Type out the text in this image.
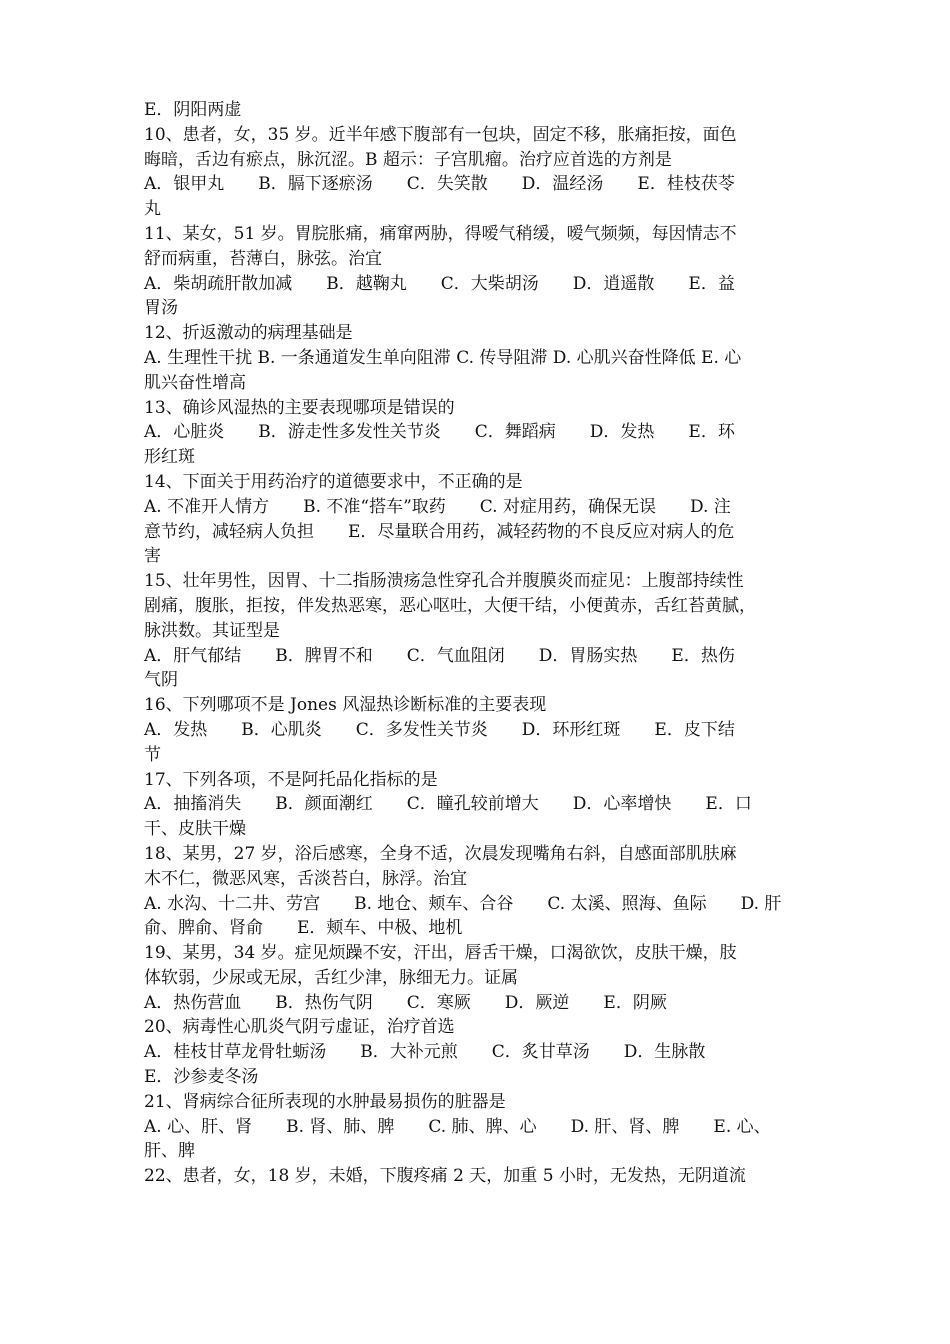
E．阴阳两虚
10、患者，女，35 岁。近半年感下腹部有一包块，固定不移，胀痛拒按，面色
晦暗，舌边有瘀点，脉沉涩。B 超示：子宫肌瘤。治疗应首选的方剂是
A．银甲丸　　B．膈下逐瘀汤　　C．失笑散　　D．温经汤　　E．桂枝茯苓
丸
11、某女，51 岁。胃脘胀痛，痛窜两胁，得嗳气稍缓，嗳气频频，每因情志不
舒而病重，苔薄白，脉弦。治宜
A．柴胡疏肝散加减　　B．越鞠丸　　C．大柴胡汤　　D．逍遥散　　E．益
胃汤
12、折返激动的病理基础是
A. 生理性干扰 B. 一条通道发生单向阻滞 C. 传导阻滞 D. 心肌兴奋性降低 E. 心
肌兴奋性增高
13、确诊风湿热的主要表现哪项是错误的
A．心脏炎　　B．游走性多发性关节炎　　C．舞蹈病　　D．发热　　E．环
形红斑
14、下面关于用药治疗的道德要求中，不正确的是
A. 不准开人情方　　B. 不准“搭车”取药　　C. 对症用药，确保无误　　D. 注
意节约，减轻病人负担　　E．尽量联合用药，减轻药物的不良反应对病人的危
害
15、壮年男性，因胃、十二指肠溃疡急性穿孔合并腹膜炎而症见：上腹部持续性
剧痛，腹胀，拒按，伴发热恶寒，恶心呕吐，大便干结，小便黄赤，舌红苔黄腻，
脉洪数。其证型是
A．肝气郁结　　B．脾胃不和　　C．气血阻闭　　D．胃肠实热　　E．热伤
气阴
16、下列哪项不是 Jones 风湿热诊断标准的主要表现
A．发热　　B．心肌炎　　C．多发性关节炎　　D．环形红斑　　E．皮下结
节
17、下列各项，不是阿托品化指标的是
A．抽搐消失　　B．颜面潮红　　C．瞳孔较前增大　　D．心率增快　　E．口
干、皮肤干燥
18、某男，27 岁，浴后感寒，全身不适，次晨发现嘴角右斜，自感面部肌肤麻
木不仁，微恶风寒，舌淡苔白，脉浮。治宜
A. 水沟、十二井、劳宫　　B. 地仓、颊车、合谷　　C. 太溪、照海、鱼际　　D. 肝
俞、脾俞、肾俞　　E．颊车、中极、地机
19、某男，34 岁。症见烦躁不安，汗出，唇舌干燥，口渴欲饮，皮肤干燥，肢
体软弱，少尿或无尿，舌红少津，脉细无力。证属
A．热伤营血　　B．热伤气阴　　C．寒厥　　D．厥逆　　E．阴厥
20、病毒性心肌炎气阴亏虚证，治疗首选
A．桂枝甘草龙骨牡蛎汤　　B．大补元煎　　C．炙甘草汤　　D．生脉散
E．沙参麦冬汤
21、肾病综合征所表现的水肿最易损伤的脏器是
A. 心、肝、肾　　B. 肾、肺、脾　　C. 肺、脾、心　　D. 肝、肾、脾　　E. 心、
肝、脾
22、患者，女，18 岁，未婚，下腹疼痛 2 天，加重 5 小时，无发热，无阴道流
